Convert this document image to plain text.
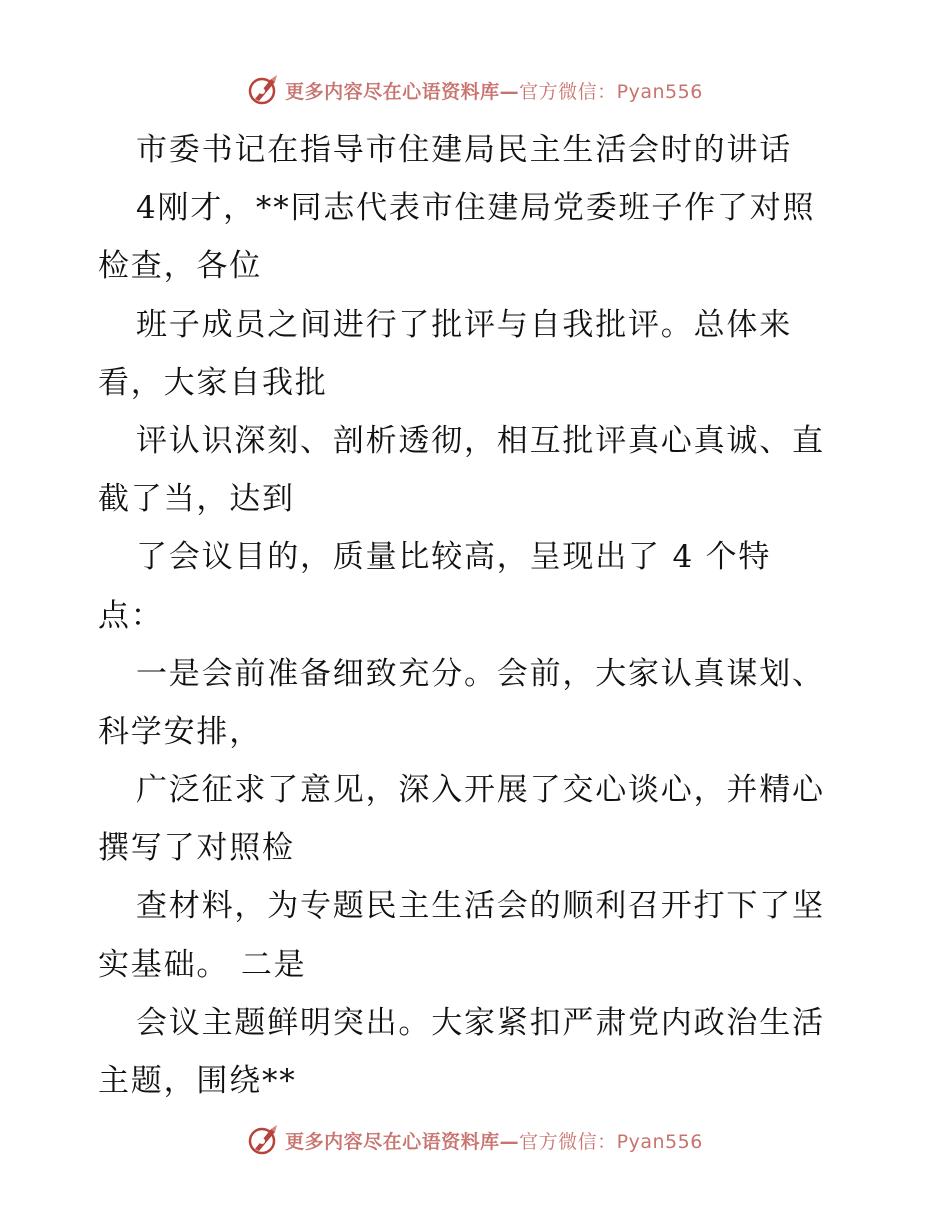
更多内容尽在心语资料库—官方微信：Pyan556
市委书记在指导市住建局民主生活会时的讲话
4刚才，**同志代表市住建局党委班子作了对照
检查，各位
班子成员之间进行了批评与自我批评。总体来
看，大家自我批
评认识深刻、剖析透彻，相互批评真心真诚、直
截了当，达到
了会议目的，质量比较高，呈现出了 4 个特
点：
一是会前准备细致充分。会前，大家认真谋划、
科学安排，
广泛征求了意见，深入开展了交心谈心，并精心
撰写了对照检
查材料，为专题民主生活会的顺利召开打下了坚
实基础。 二是
会议主题鲜明突出。大家紧扣严肃党内政治生活
主题，围绕**
更多内容尽在心语资料库—官方微信：Pyan556
